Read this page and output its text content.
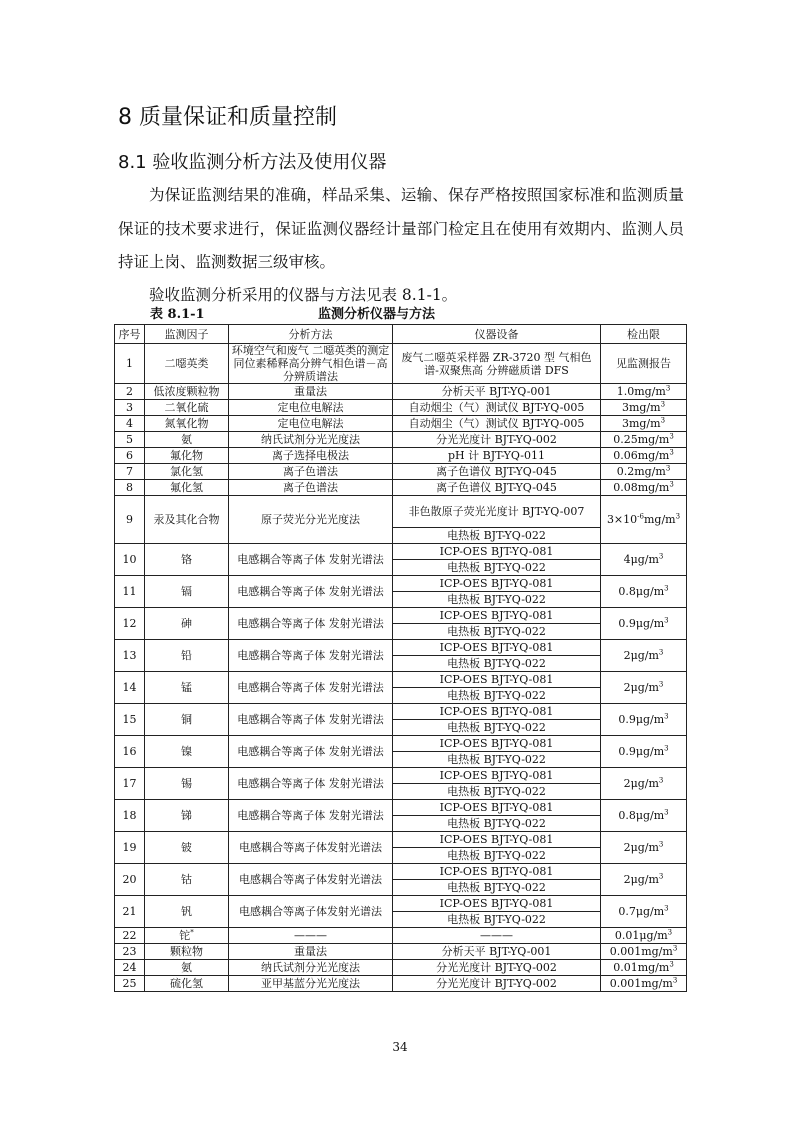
8 质量保证和质量控制
8.1 验收监测分析方法及使用仪器

为保证监测结果的准确，样品采集、运输、保存严格按照国家标准和监测质量保证的技术要求进行，保证监测仪器经计量部门检定且在使用有效期内、监测人员持证上岗、监测数据三级审核。

验收监测分析采用的仪器与方法见表 8.1-1。

表 8.1-1	监测分析仪器与方法
序号	监测因子	分析方法	仪器设备	检出限
1	二噁英类	环境空气和废气 二噁英类的测定 同位素稀释高分辨气相色谱－高 分辨质谱法	废气二噁英采样器 ZR-3720 型 气相色谱-双聚焦高 分辨磁质谱 DFS	见监测报告
2	低浓度颗粒物	重量法	分析天平 BJT-YQ-001	$1.0mg/m^3$
3	二氧化硫	定电位电解法	自动烟尘（气）测试仪 BJT-YQ-005	$3mg/m^3$
4	氮氧化物	定电位电解法	自动烟尘（气）测试仪 BJT-YQ-005	$3mg/m^3$
5	氨	纳氏试剂分光光度法	分光光度计 BJT-YQ-002	$0.25mg/m^3$
6	氟化物	离子选择电极法	pH 计 BJT-YQ-011	$0.06mg/m^3$
7	氯化氢	离子色谱法	离子色谱仪 BJT-YQ-045	$0.2mg/m^3$
8	氟化氢	离子色谱法	离子色谱仪 BJT-YQ-045	$0.08mg/m^3$
9	汞及其化合物	原子荧光分光光度法	非色散原子荧光光度计 BJT-YQ-007	$3\times 10^{-6}mg/m^3$
			电热板 BJT-YQ-022	
10	铬	电感耦合等离子体 发射光谱法	ICP-OES BJT-YQ-081	$4\mu g/m^3$
			电热板 BJT-YQ-022	
11	镉	电感耦合等离子体 发射光谱法	ICP-OES BJT-YQ-081	$0.8\mu g/m^3$
			电热板 BJT-YQ-022	
12	砷	电感耦合等离子体 发射光谱法	ICP-OES BJT-YQ-081	$0.9\mu g/m^3$
			电热板 BJT-YQ-022	
13	铅	电感耦合等离子体 发射光谱法	ICP-OES BJT-YQ-081	$2\mu g/m^3$
			电热板 BJT-YQ-022	
14	锰	电感耦合等离子体 发射光谱法	ICP-OES BJT-YQ-081	$2\mu g/m^3$
			电热板 BJT-YQ-022	
15	铜	电感耦合等离子体 发射光谱法	ICP-OES BJT-YQ-081	$0.9\mu g/m^3$
			电热板 BJT-YQ-022	
16	镍	电感耦合等离子体 发射光谱法	ICP-OES BJT-YQ-081	$0.9\mu g/m^3$
			电热板 BJT-YQ-022	
17	锡	电感耦合等离子体 发射光谱法	ICP-OES BJT-YQ-081	$2\mu g/m^3$
			电热板 BJT-YQ-022	
18	锑	电感耦合等离子体 发射光谱法	ICP-OES BJT-YQ-081	$0.8\mu g/m^3$
			电热板 BJT-YQ-022	
19	铍	电感耦合等离子体发射光谱法	ICP-OES BJT-YQ-081	$2\mu g/m^3$
			电热板 BJT-YQ-022	
20	钴	电感耦合等离子体发射光谱法	ICP-OES BJT-YQ-081	$2\mu g/m^3$
			电热板 BJT-YQ-022	
21	钒	电感耦合等离子体发射光谱法	ICP-OES BJT-YQ-081	$0.7\mu g/m^3$
			电热板 BJT-YQ-022	
22	铊*	———	———	$0.01\mu g/m^3$
23	颗粒物	重量法	分析天平 BJT-YQ-001	$0.001mg/m^3$
24	氨	纳氏试剂分光光度法	分光光度计 BJT-YQ-002	$0.01mg/m^3$
25	硫化氢	亚甲基蓝分光光度法	分光光度计 BJT-YQ-002	$0.001mg/m^3$
34
